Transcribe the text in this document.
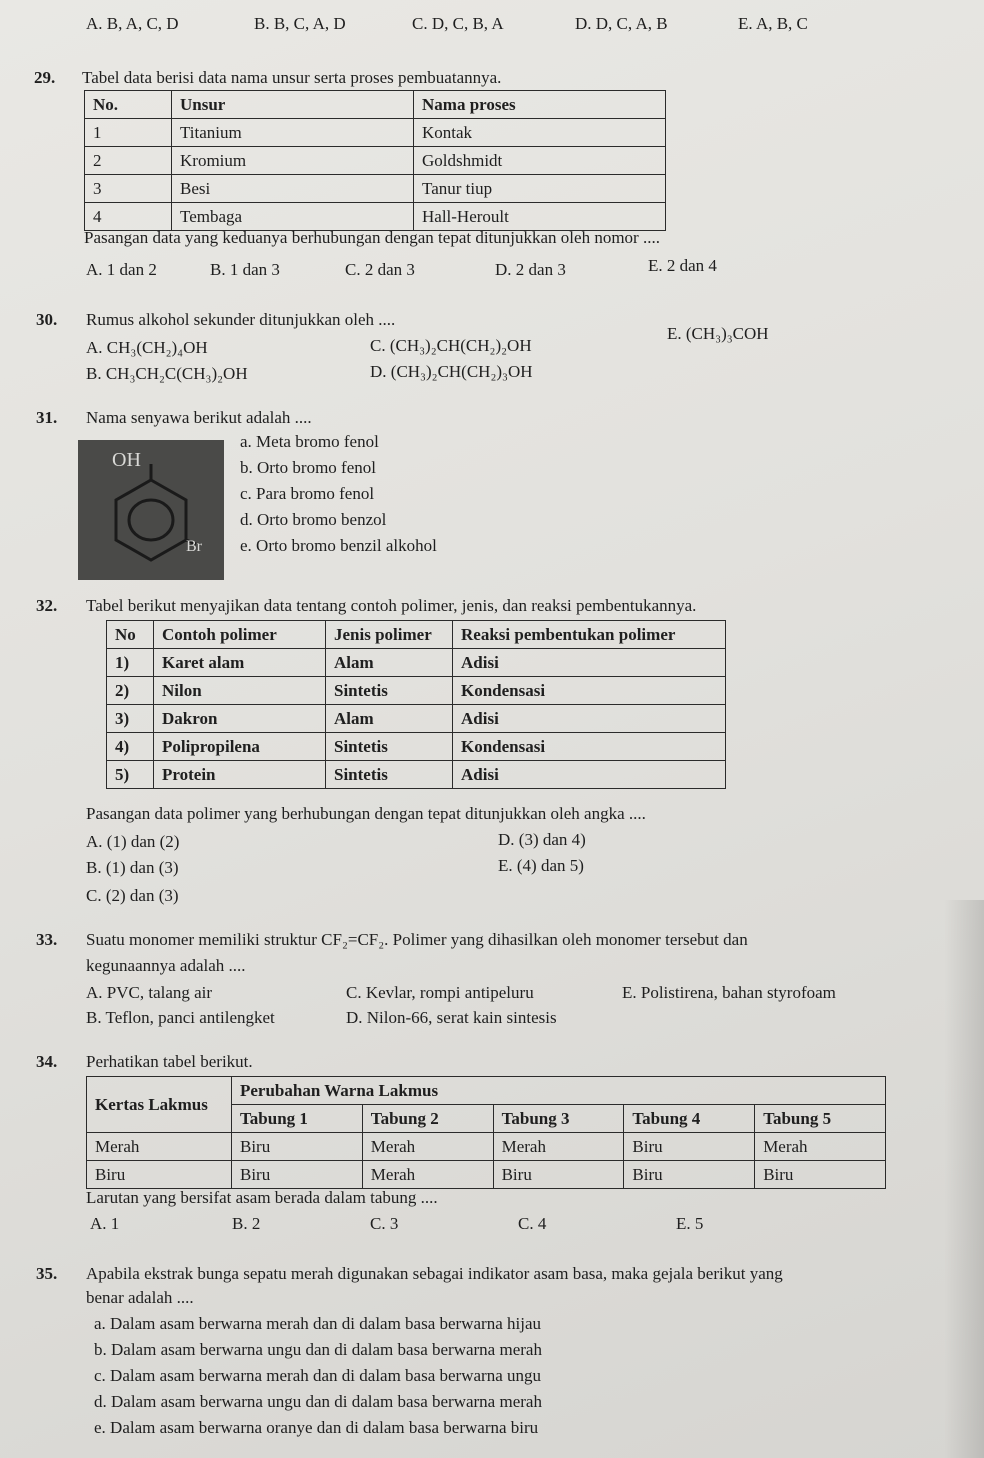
A. B, A, C, D	B. B, C, A, D	C. D, C, B, A	D. D, C, A, B	E. A, B, C
29. Tabel data berisi data nama unsur serta proses pembuatannya.
No.	Unsur	Nama proses
1	Titanium	Kontak
2	Kromium	Goldshmidt
3	Besi	Tanur tiup
4	Tembaga	Hall-Heroult
Pasangan data yang keduanya berhubungan dengan tepat ditunjukkan oleh nomor ....
A. 1 dan 2	B. 1 dan 3	C. 2 dan 3	D. 2 dan 3	E. 2 dan 4
30. Rumus alkohol sekunder ditunjukkan oleh ....
A. CH₃(CH₂)₄OH
B. CH₃CH₂C(CH₃)₂OH
C. (CH₃)₂CH(CH₂)₂OH
D. (CH₃)₂CH(CH₂)₃OH
E. (CH₃)₃COH
31. Nama senyawa berikut adalah ....
OH
Br
a. Meta bromo fenol
b. Orto bromo fenol
c. Para bromo fenol
d. Orto bromo benzol
e. Orto bromo benzil alkohol
32. Tabel berikut menyajikan data tentang contoh polimer, jenis, dan reaksi pembentukannya.
No	Contoh polimer	Jenis polimer	Reaksi pembentukan polimer
1)	Karet alam	Alam	Adisi
2)	Nilon	Sintetis	Kondensasi
3)	Dakron	Alam	Adisi
4)	Polipropilena	Sintetis	Kondensasi
5)	Protein	Sintetis	Adisi
Pasangan data polimer yang berhubungan dengan tepat ditunjukkan oleh angka ....
A. (1) dan (2)
B. (1) dan (3)
C. (2) dan (3)
D. (3) dan 4)
E. (4) dan 5)
33. Suatu monomer memiliki struktur CF₂=CF₂. Polimer yang dihasilkan oleh monomer tersebut dan
kegunaannya adalah ....
A. PVC, talang air
B. Teflon, panci antilengket
C. Kevlar, rompi antipeluru
D. Nilon-66, serat kain sintesis
E. Polistirena, bahan styrofoam
34. Perhatikan tabel berikut.
Kertas Lakmus	Perubahan Warna Lakmus				
	Tabung 1	Tabung 2	Tabung 3	Tabung 4	Tabung 5
Merah	Biru	Merah	Merah	Biru	Merah
Biru	Biru	Merah	Biru	Biru	Biru
Larutan yang bersifat asam berada dalam tabung ....
A. 1	B. 2	C. 3	C. 4	E. 5
35. Apabila ekstrak bunga sepatu merah digunakan sebagai indikator asam basa, maka gejala berikut yang
benar adalah ....
a. Dalam asam berwarna merah dan di dalam basa berwarna hijau
b. Dalam asam berwarna ungu dan di dalam basa berwarna merah
c. Dalam asam berwarna merah dan di dalam basa berwarna ungu
d. Dalam asam berwarna ungu dan di dalam basa berwarna merah
e. Dalam asam berwarna oranye dan di dalam basa berwarna biru
